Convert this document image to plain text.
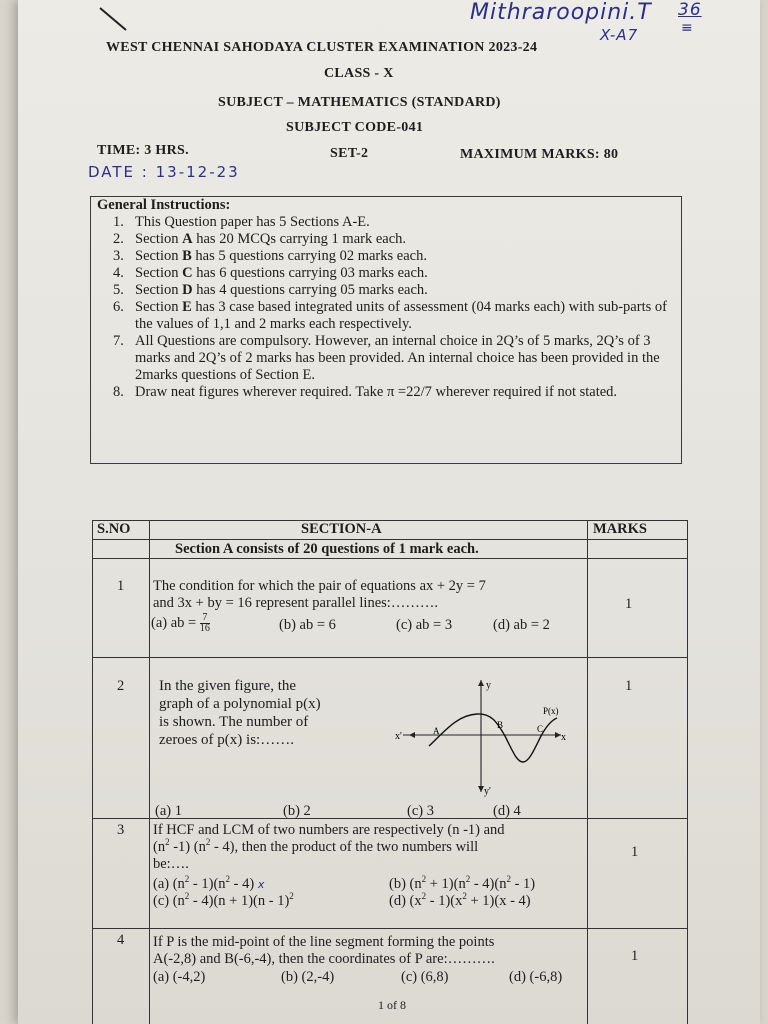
Mithraroopini.T 36
≡
X-A7
WEST CHENNAI SAHODAYA CLUSTER EXAMINATION 2023-24
CLASS - X
SUBJECT – MATHEMATICS (STANDARD)
SUBJECT CODE-041
TIME: 3 HRS.	SET-2	MAXIMUM MARKS: 80
DATE : 13-12-23
General Instructions:
1. This Question paper has 5 Sections A-E.
2. Section A has 20 MCQs carrying 1 mark each.
3. Section B has 5 questions carrying 02 marks each.
4. Section C has 6 questions carrying 03 marks each.
5. Section D has 4 questions carrying 05 marks each.
6. Section E has 3 case based integrated units of assessment (04 marks each) with sub-parts of the values of 1,1 and 2 marks each respectively.
7. All Questions are compulsory. However, an internal choice in 2Q’s of 5 marks, 2Q’s of 3 marks and 2Q’s of 2 marks has been provided. An internal choice has been provided in the 2marks questions of Section E.
8. Draw neat figures wherever required. Take π =22/7 wherever required if not stated.
S.NO	SECTION-A	MARKS
Section A consists of 20 questions of 1 mark each.
1 The condition for which the pair of equations ax + 2y = 7
and 3x + by = 16 represent parallel lines:……….
(a) ab = $\frac{7}{16}$	(b) ab = 6	(c) ab = 3	(d) ab = 2
1
2 In the given figure, the
graph of a polynomial p(x)
is shown. The number of
zeroes of p(x) is:…….
y
y'
x'	x
A
B	C
P(x)
1
(a) 1	(b) 2	(c) 3	(d) 4
3 If HCF and LCM of two numbers are respectively (n -1) and
($n^2$ -1) $(n^2 - 4)$, then the product of the two numbers will
be:….
(a) $(n^2 - 1)(n^2 - 4)$ x	(b) $(n^2 + 1)(n^2 - 4)(n^2 - 1)$
(c) $(n^2 - 4)(n + 1)(n - 1)^2$	(d) $(x^2 - 1)(x^2 + 1)(x - 4)$
1
4 If P is the mid-point of the line segment forming the points
A(-2,8) and B(-6,-4), then the coordinates of P are:……….
(a) (-4,2)	(b) (2,-4)	(c) (6,8)	(d) (-6,8)
1
1 of 8
